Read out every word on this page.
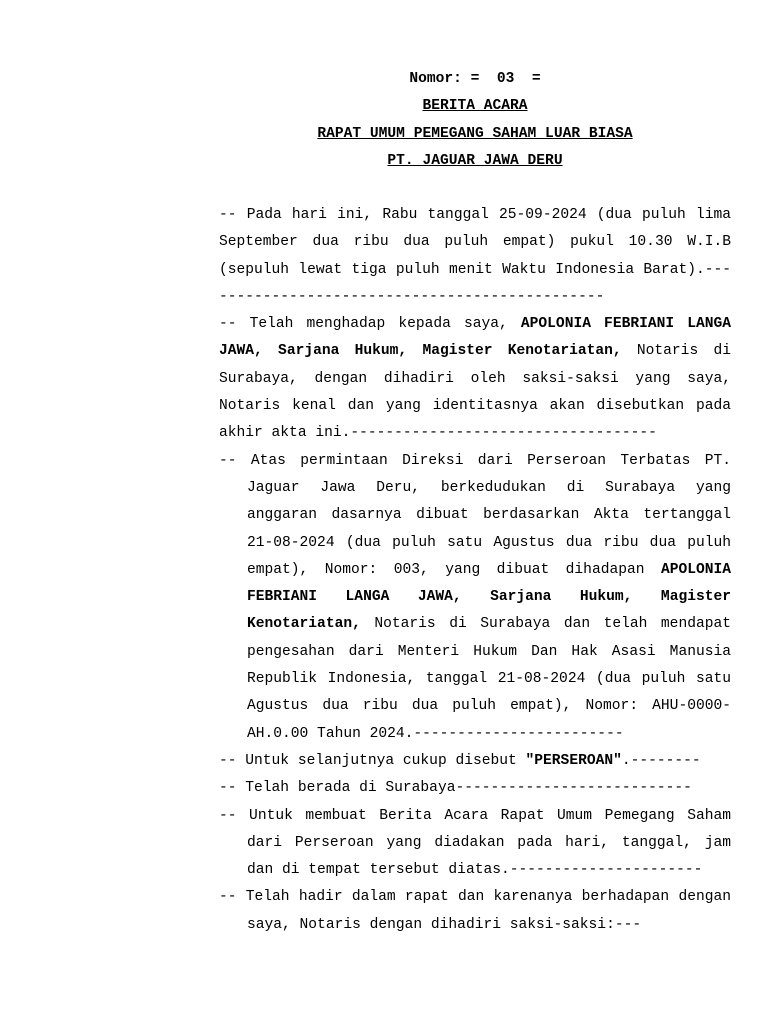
Nomor: =  03  =
BERITA ACARA
RAPAT UMUM PEMEGANG SAHAM LUAR BIASA
PT. JAGUAR JAWA DERU

-- Pada hari ini, Rabu tanggal 25-09-2024 (dua puluh lima September dua ribu dua puluh empat) pukul 10.30 W.I.B (sepuluh lewat tiga puluh menit Waktu Indonesia Barat).-----------------------------------------------

-- Telah menghadap kepada saya, APOLONIA FEBRIANI LANGA JAWA, Sarjana Hukum, Magister Kenotariatan, Notaris di Surabaya, dengan dihadiri oleh saksi-saksi yang saya, Notaris kenal dan yang identitasnya akan disebutkan pada akhir akta ini.-----------------------------------

-- Atas permintaan Direksi dari Perseroan Terbatas PT. Jaguar Jawa Deru, berkedudukan di Surabaya yang anggaran dasarnya dibuat berdasarkan Akta tertanggal 21-08-2024 (dua puluh satu Agustus dua ribu dua puluh empat), Nomor: 003, yang dibuat dihadapan APOLONIA FEBRIANI LANGA JAWA, Sarjana Hukum, Magister Kenotariatan, Notaris di Surabaya dan telah mendapat pengesahan dari Menteri Hukum Dan Hak Asasi Manusia Republik Indonesia, tanggal 21-08-2024 (dua puluh satu Agustus dua ribu dua puluh empat), Nomor: AHU-0000-AH.0.00 Tahun 2024.------------------------

-- Untuk selanjutnya cukup disebut "PERSEROAN".--------

-- Telah berada di Surabaya---------------------------

-- Untuk membuat Berita Acara Rapat Umum Pemegang Saham dari Perseroan yang diadakan pada hari, tanggal, jam dan di tempat tersebut diatas.----------------------

-- Telah hadir dalam rapat dan karenanya berhadapan dengan saya, Notaris dengan dihadiri saksi-saksi:---
